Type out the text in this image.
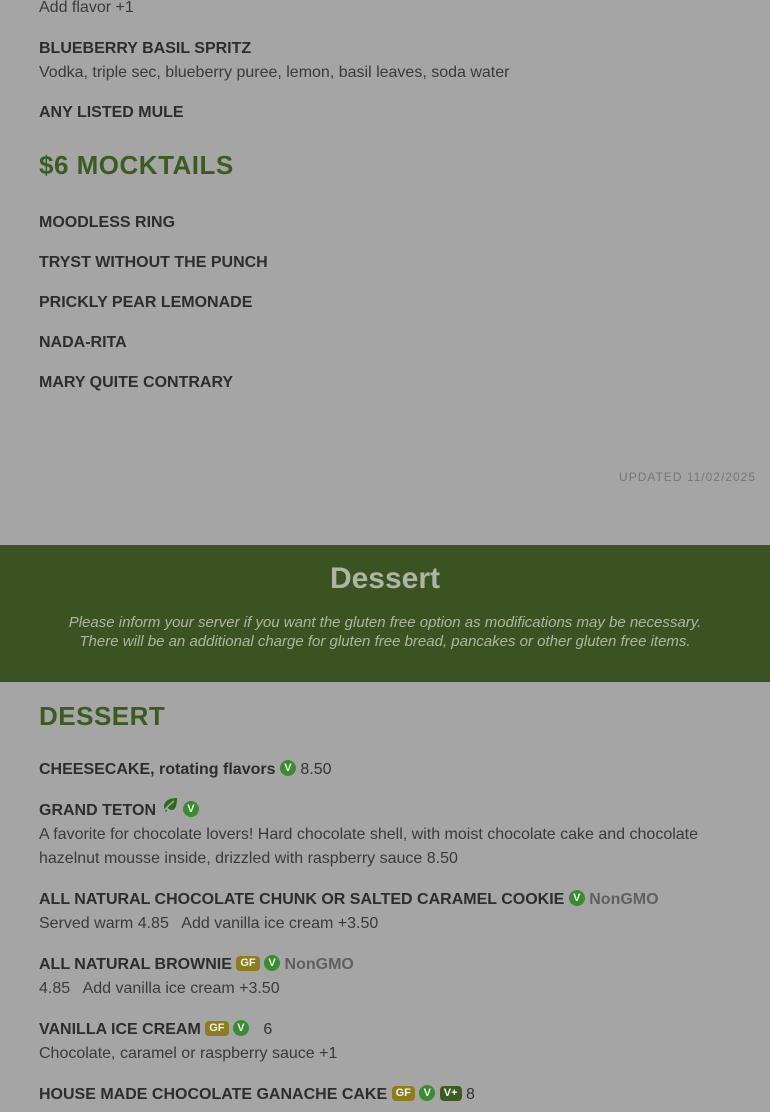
Add flavor +1
BLUEBERRY BASIL SPRITZ
Vodka, triple sec, blueberry puree, lemon, basil leaves, soda water
ANY LISTED MULE
$6 MOCKTAILS
MOODLESS RING
TRYST WITHOUT THE PUNCH
PRICKLY PEAR LEMONADE
NADA-RITA
MARY QUITE CONTRARY
UPDATED 11/02/2025
Dessert
Please inform your server if you want the gluten free option as modifications may be necessary.
There will be an additional charge for gluten free bread, pancakes or other gluten free items.
DESSERT
CHEESECAKE, rotating flavors V 8.50
GRAND TETON	V
A favorite for chocolate lovers! Hard chocolate shell, with moist chocolate cake and chocolate
hazelnut mousse inside, drizzled with raspberry sauce 8.50
ALL NATURAL CHOCOLATE CHUNK OR SALTED CARAMEL COOKIE V NonGMO
Served warm 4.85   Add vanilla ice cream +3.50
ALL NATURAL BROWNIE GF V NonGMO
4.85   Add vanilla ice cream +3.50
VANILLA ICE CREAM GF V 6
Chocolate, caramel or raspberry sauce +1
HOUSE MADE CHOCOLATE GANACHE CAKE GF V V+ 8
